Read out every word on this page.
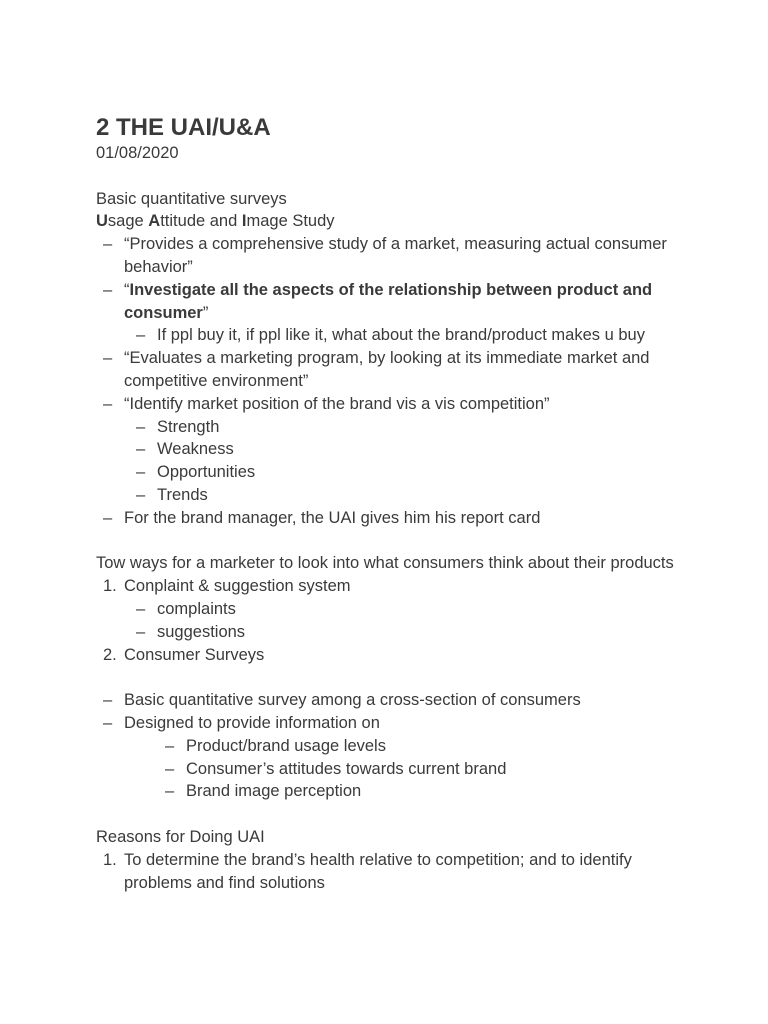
2 THE UAI/U&A

01/08/2020

Basic quantitative surveys

Usage Attitude and Image Study

– “Provides a comprehensive study of a market, measuring actual consumer behavior”
– “Investigate all the aspects of the relationship between product and consumer”
– If ppl buy it, if ppl like it, what about the brand/product makes u buy
– “Evaluates a marketing program, by looking at its immediate market and competitive environment”
– “Identify market position of the brand vis a vis competition”
– Strength
– Weakness
– Opportunities
– Trends
– For the brand manager, the UAI gives him his report card

Tow ways for a marketer to look into what consumers think about their products

1. Conplaint & suggestion system
– complaints
– suggestions
2. Consumer Surveys
– Basic quantitative survey among a cross-section of consumers
– Designed to provide information on
– Product/brand usage levels
– Consumer’s attitudes towards current brand
– Brand image perception

Reasons for Doing UAI

1. To determine the brand’s health relative to competition; and to identify problems and find solutions
